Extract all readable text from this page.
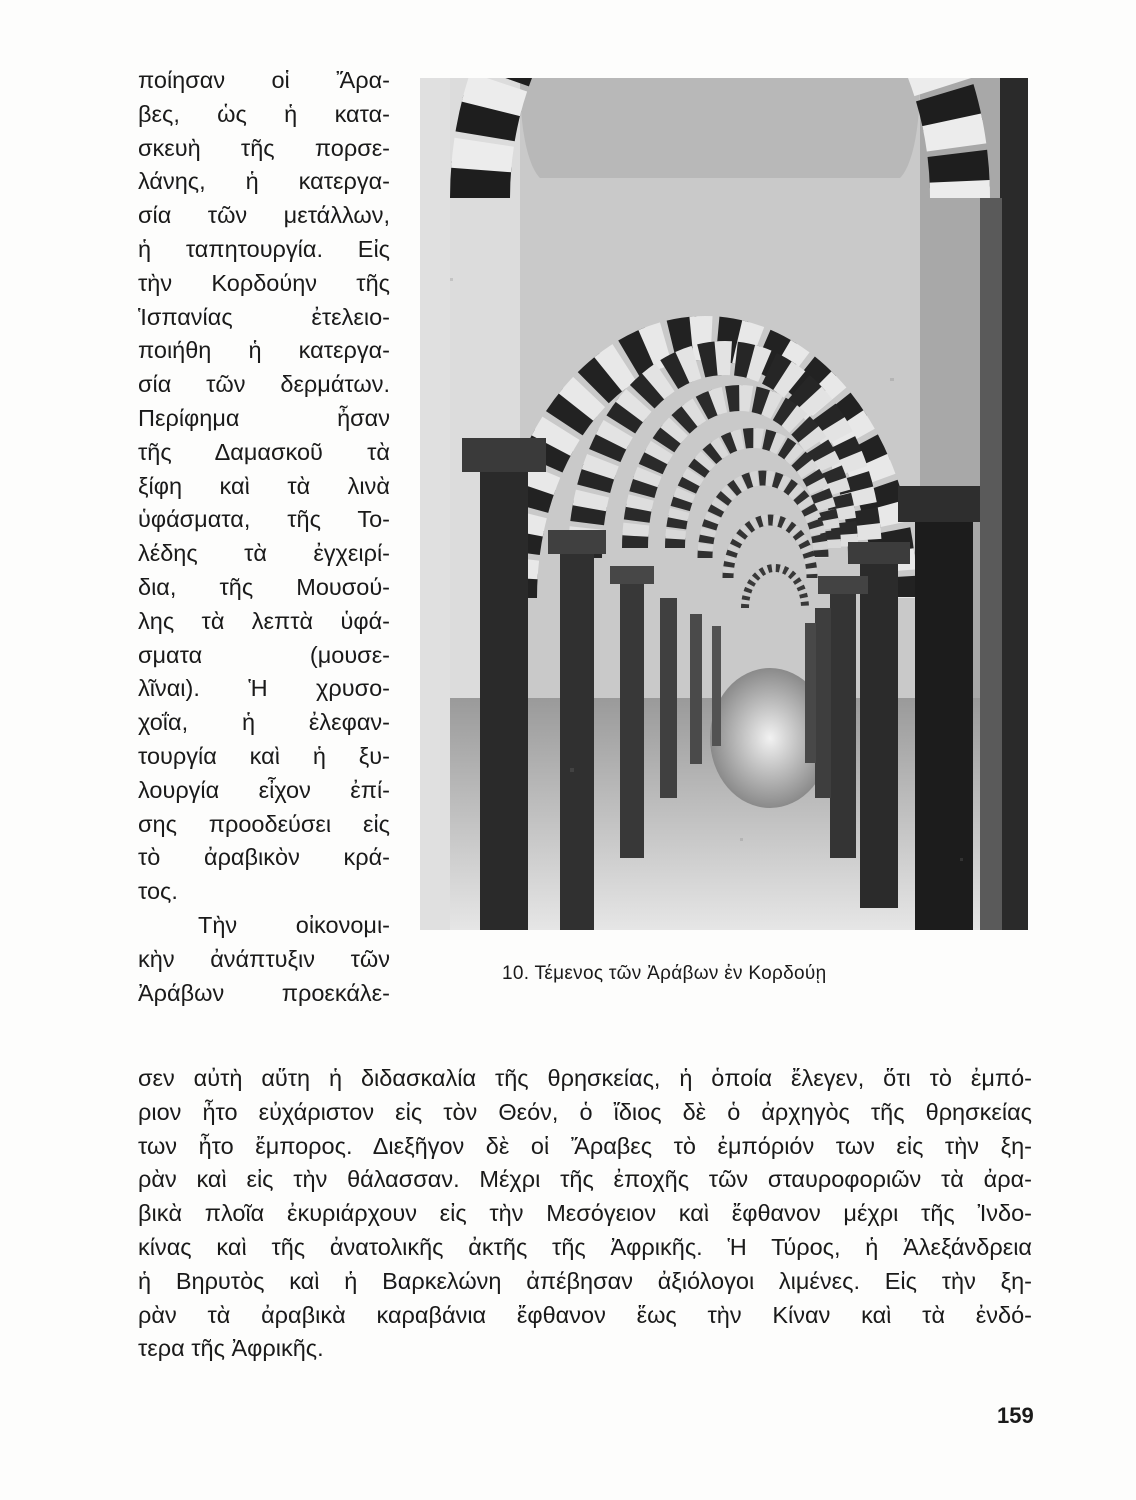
ποίησαν οἱ Ἄρα-
βες, ὡς ἡ κατα-
σκευὴ τῆς πορσε-
λάνης, ἡ κατεργα-
σία τῶν μετάλλων,
ἡ ταπητουργία. Εἰς
τὴν Κορδούην τῆς
Ἱσπανίας ἐτελειο-
ποιήθη ἡ κατεργα-
σία τῶν δερμάτων.
Περίφημα ἦσαν
τῆς Δαμασκοῦ τὰ
ξίφη καὶ τὰ λινὰ
ὑφάσματα, τῆς Το-
λέδης τὰ ἐγχειρί-
δια, τῆς Μουσού-
λης τὰ λεπτὰ ὑφά-
σματα (μουσε-
λῖναι). Ἡ χρυσο-
χοΐα, ἡ ἐλεφαν-
τουργία καὶ ἡ ξυ-
λουργία εἶχον ἐπί-
σης προοδεύσει εἰς
τὸ ἀραβικὸν κρά-
τος.
Τὴν οἰκονομι-
κὴν ἀνάπτυξιν τῶν
Ἀράβων προεκάλε-
10. Τέμενος τῶν Ἀράβων ἐν Κορδούῃ
σεν αὐτὴ αὕτη ἡ διδασκαλία τῆς θρησκείας, ἡ ὁποία ἔλεγεν, ὅτι τὸ ἐμπό-
ριον ἦτο εὐχάριστον εἰς τὸν Θεόν, ὁ ἴδιος δὲ ὁ ἀρχηγὸς τῆς θρησκείας
των ἦτο ἔμπορος. Διεξῆγον δὲ οἱ Ἄραβες τὸ ἐμπόριόν των εἰς τὴν ξη-
ρὰν καὶ εἰς τὴν θάλασσαν. Μέχρι τῆς ἐποχῆς τῶν σταυροφοριῶν τὰ ἀρα-
βικὰ πλοῖα ἐκυριάρχουν εἰς τὴν Μεσόγειον καὶ ἔφθανον μέχρι τῆς Ἰνδο-
κίνας καὶ τῆς ἀνατολικῆς ἀκτῆς τῆς Ἀφρικῆς. Ἡ Τύρος, ἡ Ἀλεξάνδρεια
ἡ Βηρυτὸς καὶ ἡ Βαρκελώνη ἀπέβησαν ἀξιόλογοι λιμένες. Εἰς τὴν ξη-
ρὰν τὰ ἀραβικὰ καραβάνια ἔφθανον ἕως τὴν Κίναν καὶ τὰ ἐνδό-
τερα τῆς Ἀφρικῆς.
159
